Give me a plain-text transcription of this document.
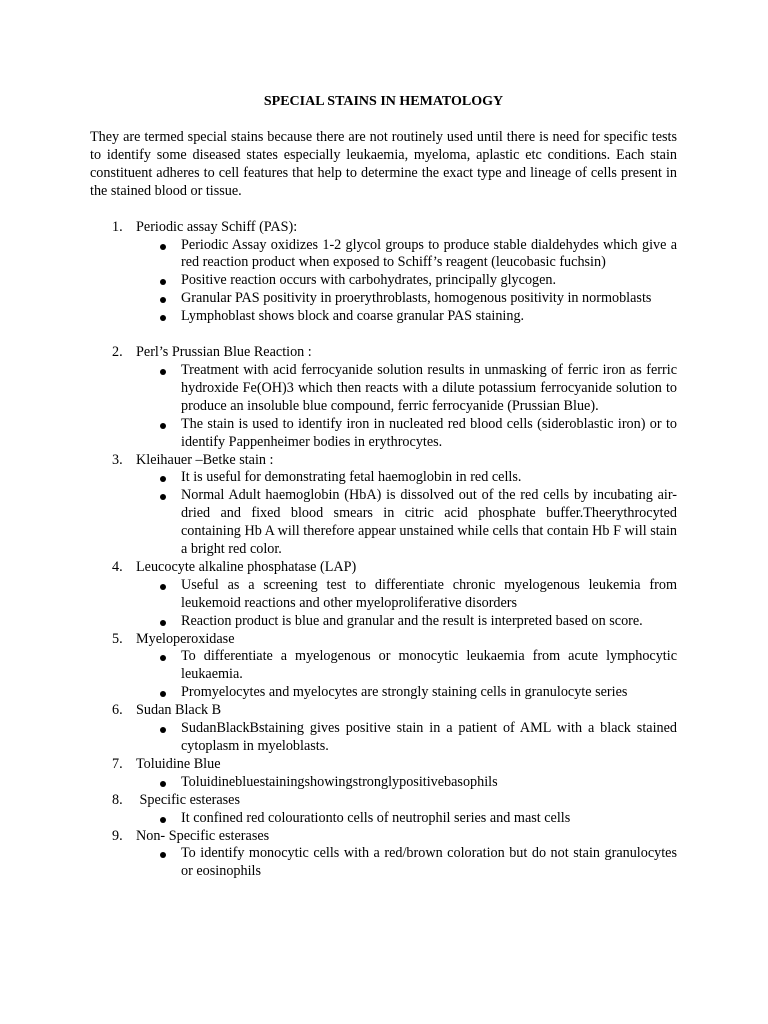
SPECIAL STAINS IN HEMATOLOGY

They are termed special stains because there are not routinely used until there is need for specific tests to identify some diseased states especially leukaemia, myeloma, aplastic etc conditions. Each stain constituent adheres to cell features that help to determine the exact type and lineage of cells present in the stained blood or tissue.

1. Periodic assay Schiff (PAS):
Periodic Assay oxidizes 1-2 glycol groups to produce stable dialdehydes which give a red reaction product when exposed to Schiff’s reagent (leucobasic fuchsin)
Positive reaction occurs with carbohydrates, principally glycogen.
Granular PAS positivity in proerythroblasts, homogenous positivity in normoblasts
Lymphoblast shows block and coarse granular PAS staining.
2. Perl’s Prussian Blue Reaction :
Treatment with acid ferrocyanide solution results in unmasking of ferric iron as ferric hydroxide Fe(OH)3 which then reacts with a dilute potassium ferrocyanide solution to produce an insoluble blue compound, ferric ferrocyanide (Prussian Blue).
The stain is used to identify iron in nucleated red blood cells (sideroblastic iron) or to identify Pappenheimer bodies in erythrocytes.
3. Kleihauer –Betke stain :
It is useful for demonstrating fetal haemoglobin in red cells.
Normal Adult haemoglobin (HbA) is dissolved out of the red cells by incubating air-dried and fixed blood smears in citric acid phosphate buffer.Theerythrocyted containing Hb A will therefore appear unstained while cells that contain Hb F will stain a bright red color.
4. Leucocyte alkaline phosphatase (LAP)
Useful as a screening test to differentiate chronic myelogenous leukemia from leukemoid reactions and other myeloproliferative disorders
Reaction product is blue and granular and the result is interpreted based on score.
5. Myeloperoxidase
To differentiate a myelogenous or monocytic leukaemia from acute lymphocytic leukaemia.
Promyelocytes and myelocytes are strongly staining cells in granulocyte series
6. Sudan Black B
SudanBlackBstaining gives positive stain in a patient of AML with a black stained cytoplasm in myeloblasts.
7. Toluidine Blue
Toluidinebluestainingshowingstronglypositivebasophils
8. Specific esterases
It confined red colourationto cells of neutrophil series and mast cells
9. Non- Specific esterases
To identify monocytic cells with a red/brown coloration but do not stain granulocytes or eosinophils
